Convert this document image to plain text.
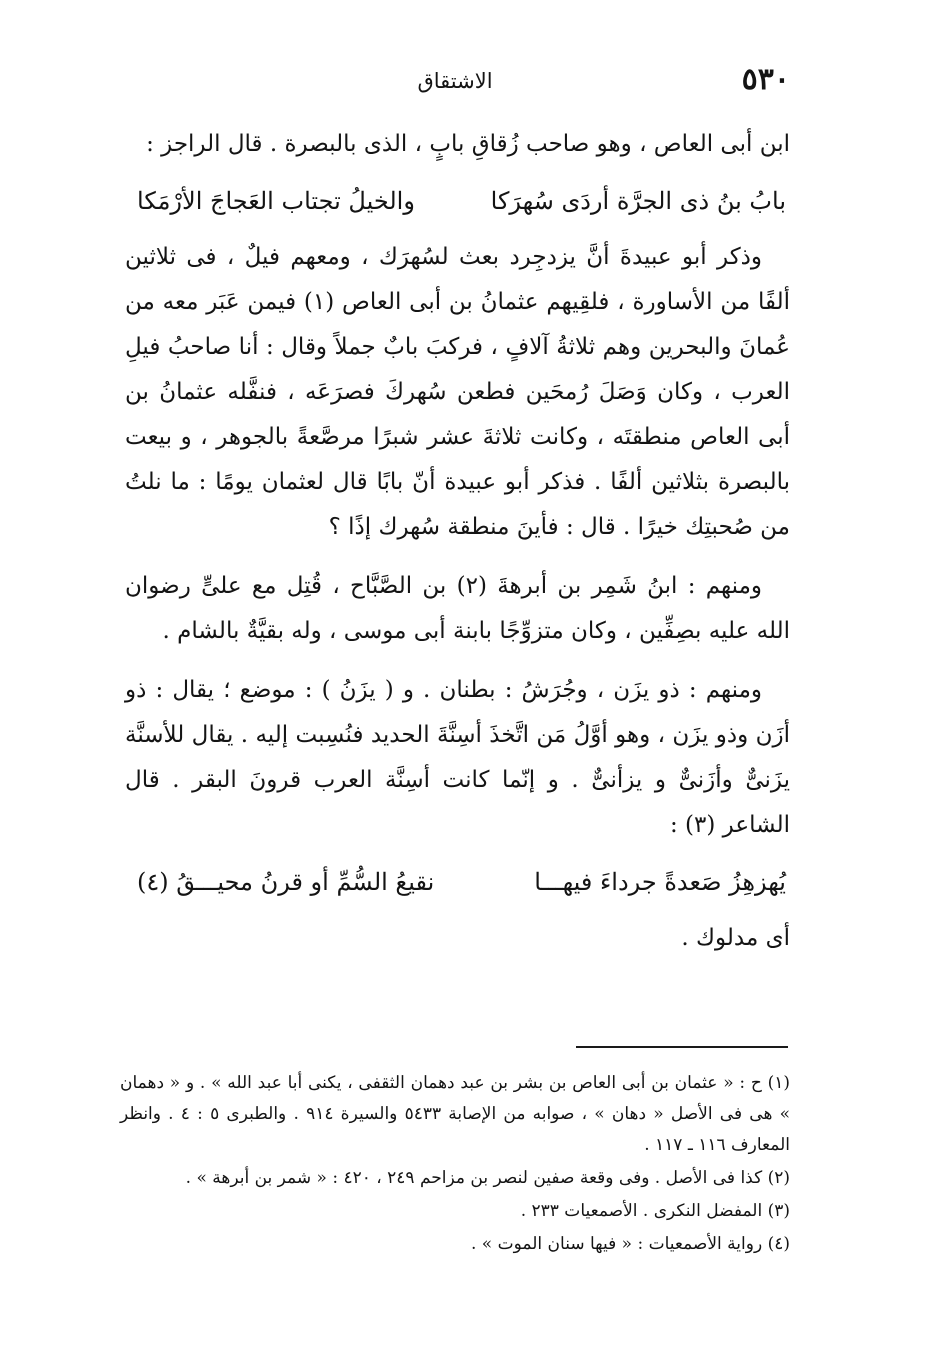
٥٣٠
الاشتقاق

ابن أبى العاص ، وهو صاحب زُقاقِ بابٍ ، الذى بالبصرة . قال الراجز :

بابُ بنُ ذى الجرَّة أردَى سُهرَكا
والخيلُ تجتاب العَجاجَ الأرْمَكا

وذكر أبو عبيدةَ أنَّ يزدجِرد بعث لسُهرَك ، ومعهم فيلٌ ، فى ثلاثين ألفًا من الأساورة ، فلقِيهم عثمانُ بن أبى العاص (١) فيمن عَبَر معه من عُمانَ والبحرين وهم ثلاثةُ آلافٍ ، فركبَ بابٌ جملاً وقال : أنا صاحبُ فيلِ العرب ، وكان وَصَلَ رُمحَين فطعن سُهركَ فصرَعَه ، فنفَّله عثمانُ بن أبى العاص منطقتَه ، وكانت ثلاثةَ عشر شبرًا مرصَّعةً بالجوهر ، و بيعت بالبصرة بثلاثين ألفًا . فذكر أبو عبيدة أنّ بابًا قال لعثمان يومًا : ما نلتُ من صُحبتِك خيرًا . قال : فأينَ منطقة سُهرك إذًا ؟

ومنهم : ابنُ شَمِر بن أبرهةَ (٢) بن الصَّبَّاح ، قُتِل مع علىٍّ رضوان الله عليه بصِفِّين ، وكان متزوِّجًا بابنة أبى موسى ، وله بقيَّةٌ بالشام .

ومنهم : ذو يزَن ، وجُرَشُ : بطنان . و ( يزَنُ ) : موضع ؛ يقال : ذو أزَن وذو يزَن ، وهو أوَّلُ مَن اتَّخذَ أسِنَّةَ الحديد فنُسِبت إليه . يقال للأسنَّة يزَنىٌّ وأزَنىٌّ و يزأنىٌّ . و إنّما كانت أسِنَّة العرب قرونَ البقر . قال الشاعر (٣) :

يُهزهِزُ صَعدةً جرداءَ فيهـــا
نقيعُ السُّمِّ أو قرنُ محيـــقُ (٤)

أى مدلوك .

(١) ح : « عثمان بن أبى العاص بن بشر بن عبد دهمان الثقفى ، يكنى أبا عبد الله » . و « دهمان » هى فى الأصل « دهان » ، صوابه من الإصابة ٥٤٣٣ والسيرة ٩١٤ . والطبرى ٥ : ٤ . وانظر المعارف ١١٦ ـ ١١٧ .

(٢) كذا فى الأصل . وفى وقعة صفين لنصر بن مزاحم ٢٤٩ ، ٤٢٠ : « شمر بن أبرهة » .

(٣) المفضل النكرى . الأصمعيات ٢٣٣ .

(٤) رواية الأصمعيات : « فيها سنان الموت » .
